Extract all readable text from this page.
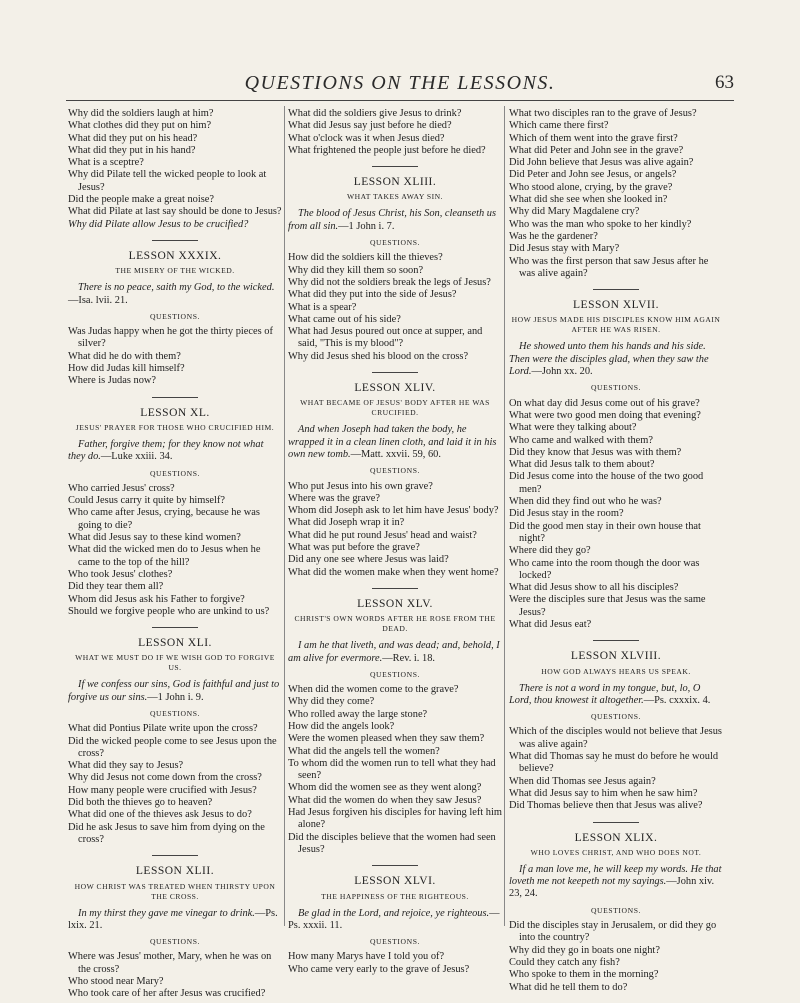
QUESTIONS ON THE LESSONS.	63

Why did the soldiers laugh at him?

What clothes did they put on him?

What did they put on his head?

What did they put in his hand?

What is a sceptre?

Why did Pilate tell the wicked people to look at Jesus?

Did the people make a great noise?

What did Pilate at last say should be done to Jesus?

Why did Pilate allow Jesus to be crucified?

LESSON XXXIX.
THE MISERY OF THE WICKED.

There is no peace, saith my God, to the wicked.—Isa. lvii. 21.

QUESTIONS.

Was Judas happy when he got the thirty pieces of silver?

What did he do with them?

How did Judas kill himself?

Where is Judas now?

LESSON XL.
JESUS' PRAYER FOR THOSE WHO CRUCIFIED HIM.

Father, forgive them; for they know not what they do.—Luke xxiii. 34.

QUESTIONS.

Who carried Jesus' cross?

Could Jesus carry it quite by himself?

Who came after Jesus, crying, because he was going to die?

What did Jesus say to these kind women?

What did the wicked men do to Jesus when he came to the top of the hill?

Who took Jesus' clothes?

Did they tear them all?

Whom did Jesus ask his Father to forgive?

Should we forgive people who are unkind to us?

LESSON XLI.
WHAT WE MUST DO IF WE WISH GOD TO FORGIVE US.

If we confess our sins, God is faithful and just to forgive us our sins.—1 John i. 9.

QUESTIONS.

What did Pontius Pilate write upon the cross?

Did the wicked people come to see Jesus upon the cross?

What did they say to Jesus?

Why did Jesus not come down from the cross?

How many people were crucified with Jesus?

Did both the thieves go to heaven?

What did one of the thieves ask Jesus to do?

Did he ask Jesus to save him from dying on the cross?

LESSON XLII.
HOW CHRIST WAS TREATED WHEN THIRSTY UPON THE CROSS.

In my thirst they gave me vinegar to drink.—Ps. lxix. 21.

QUESTIONS.

Where was Jesus' mother, Mary, when he was on the cross?

Who stood near Mary?

Who took care of her after Jesus was crucified?

What did the soldiers give Jesus to drink?

What did Jesus say just before he died?

What o'clock was it when Jesus died?

What frightened the people just before he died?

LESSON XLIII.
WHAT TAKES AWAY SIN.

The blood of Jesus Christ, his Son, cleanseth us from all sin.—1 John i. 7.

QUESTIONS.

How did the soldiers kill the thieves?

Why did they kill them so soon?

Why did not the soldiers break the legs of Jesus?

What did they put into the side of Jesus?

What is a spear?

What came out of his side?

What had Jesus poured out once at supper, and said, "This is my blood"?

Why did Jesus shed his blood on the cross?

LESSON XLIV.
WHAT BECAME OF JESUS' BODY AFTER HE WAS CRUCIFIED.

And when Joseph had taken the body, he wrapped it in a clean linen cloth, and laid it in his own new tomb.—Matt. xxvii. 59, 60.

QUESTIONS.

Who put Jesus into his own grave?

Where was the grave?

Whom did Joseph ask to let him have Jesus' body?

What did Joseph wrap it in?

What did he put round Jesus' head and waist?

What was put before the grave?

Did any one see where Jesus was laid?

What did the women make when they went home?

LESSON XLV.
CHRIST'S OWN WORDS AFTER HE ROSE FROM THE DEAD.

I am he that liveth, and was dead; and, behold, I am alive for evermore.—Rev. i. 18.

QUESTIONS.

When did the women come to the grave?

Why did they come?

Who rolled away the large stone?

How did the angels look?

Were the women pleased when they saw them?

What did the angels tell the women?

To whom did the women run to tell what they had seen?

Whom did the women see as they went along?

What did the women do when they saw Jesus?

Had Jesus forgiven his disciples for having left him alone?

Did the disciples believe that the women had seen Jesus?

LESSON XLVI.
THE HAPPINESS OF THE RIGHTEOUS.

Be glad in the Lord, and rejoice, ye righteous.—Ps. xxxii. 11.

QUESTIONS.

How many Marys have I told you of?

Who came very early to the grave of Jesus?

What two disciples ran to the grave of Jesus?

Which came there first?

Which of them went into the grave first?

What did Peter and John see in the grave?

Did John believe that Jesus was alive again?

Did Peter and John see Jesus, or angels?

Who stood alone, crying, by the grave?

What did she see when she looked in?

Why did Mary Magdalene cry?

Who was the man who spoke to her kindly?

Was he the gardener?

Did Jesus stay with Mary?

Who was the first person that saw Jesus after he was alive again?

LESSON XLVII.
HOW JESUS MADE HIS DISCIPLES KNOW HIM AGAIN AFTER HE WAS RISEN.

He showed unto them his hands and his side. Then were the disciples glad, when they saw the Lord.—John xx. 20.

QUESTIONS.

On what day did Jesus come out of his grave?

What were two good men doing that evening?

What were they talking about?

Who came and walked with them?

Did they know that Jesus was with them?

What did Jesus talk to them about?

Did Jesus come into the house of the two good men?

When did they find out who he was?

Did Jesus stay in the room?

Did the good men stay in their own house that night?

Where did they go?

Who came into the room though the door was locked?

What did Jesus show to all his disciples?

Were the disciples sure that Jesus was the same Jesus?

What did Jesus eat?

LESSON XLVIII.
HOW GOD ALWAYS HEARS US SPEAK.

There is not a word in my tongue, but, lo, O Lord, thou knowest it altogether.—Ps. cxxxix. 4.

QUESTIONS.

Which of the disciples would not believe that Jesus was alive again?

What did Thomas say he must do before he would believe?

When did Thomas see Jesus again?

What did Jesus say to him when he saw him?

Did Thomas believe then that Jesus was alive?

LESSON XLIX.
WHO LOVES CHRIST, AND WHO DOES NOT.

If a man love me, he will keep my words. He that loveth me not keepeth not my sayings.—John xiv. 23, 24.

QUESTIONS.

Did the disciples stay in Jerusalem, or did they go into the country?

Why did they go in boats one night?

Could they catch any fish?

Who spoke to them in the morning?

What did he tell them to do?
